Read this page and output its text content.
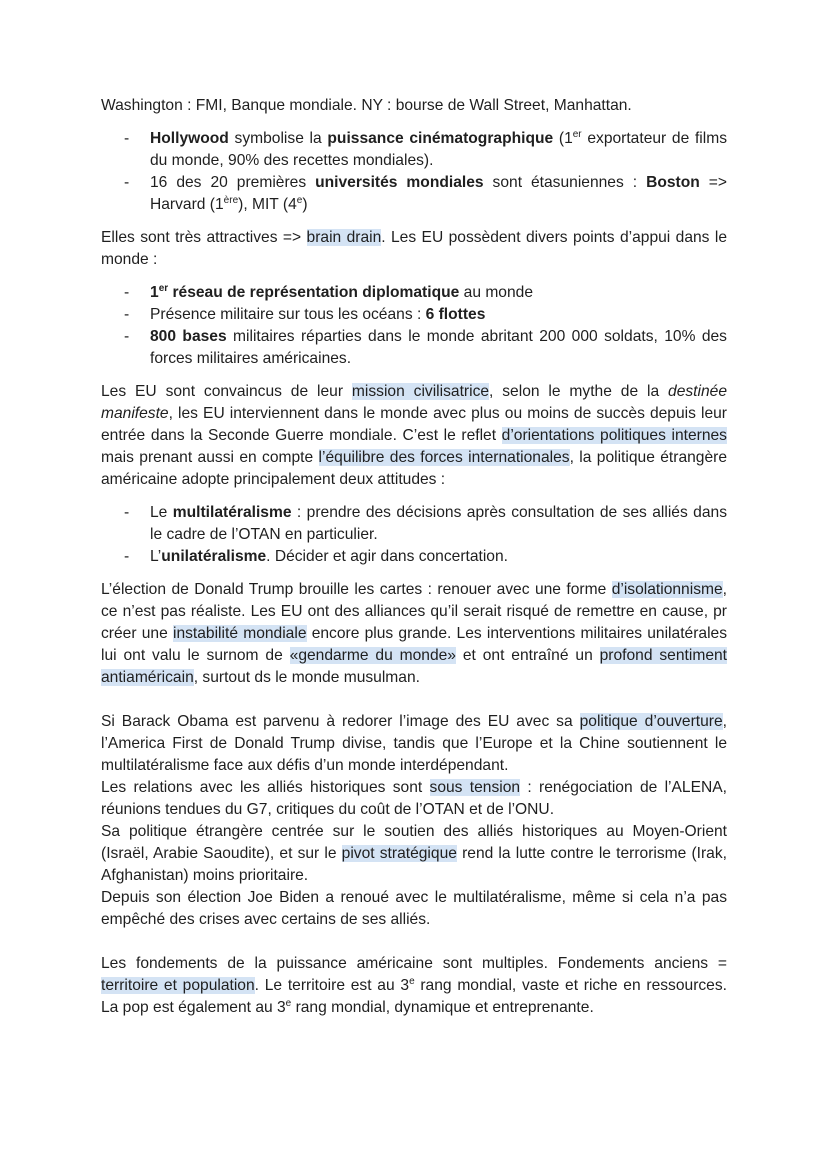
Washington : FMI, Banque mondiale. NY : bourse de Wall Street, Manhattan.

- Hollywood symbolise la puissance cinématographique (1er exportateur de films du monde, 90% des recettes mondiales).
- 16 des 20 premières universités mondiales sont étasuniennes : Boston => Harvard (1ère), MIT (4e)

Elles sont très attractives => brain drain. Les EU possèdent divers points d’appui dans le monde :

- 1er réseau de représentation diplomatique au monde
- Présence militaire sur tous les océans : 6 flottes
- 800 bases militaires réparties dans le monde abritant 200 000 soldats, 10% des forces militaires américaines.

Les EU sont convaincus de leur mission civilisatrice, selon le mythe de la destinée manifeste, les EU interviennent dans le monde avec plus ou moins de succès depuis leur entrée dans la Seconde Guerre mondiale. C’est le reflet d’orientations politiques internes mais prenant aussi en compte l’équilibre des forces internationales, la politique étrangère américaine adopte principalement deux attitudes :

- Le multilatéralisme : prendre des décisions après consultation de ses alliés dans le cadre de l’OTAN en particulier.
- L’unilatéralisme. Décider et agir dans concertation.

L’élection de Donald Trump brouille les cartes : renouer avec une forme d’isolationnisme, ce n’est pas réaliste. Les EU ont des alliances qu’il serait risqué de remettre en cause, pr créer une instabilité mondiale encore plus grande. Les interventions militaires unilatérales lui ont valu le surnom de «gendarme du monde» et ont entraîné un profond sentiment antiaméricain, surtout ds le monde musulman.

Si Barack Obama est parvenu à redorer l’image des EU avec sa politique d’ouverture, l’America First de Donald Trump divise, tandis que l’Europe et la Chine soutiennent le multilatéralisme face aux défis d’un monde interdépendant.

Les relations avec les alliés historiques sont sous tension : renégociation de l’ALENA, réunions tendues du G7, critiques du coût de l’OTAN et de l’ONU.

Sa politique étrangère centrée sur le soutien des alliés historiques au Moyen-Orient (Israël, Arabie Saoudite), et sur le pivot stratégique rend la lutte contre le terrorisme (Irak, Afghanistan) moins prioritaire.

Depuis son élection Joe Biden a renoué avec le multilatéralisme, même si cela n’a pas empêché des crises avec certains de ses alliés.

Les fondements de la puissance américaine sont multiples. Fondements anciens = territoire et population. Le territoire est au 3e rang mondial, vaste et riche en ressources. La pop est également au 3e rang mondial, dynamique et entreprenante.
